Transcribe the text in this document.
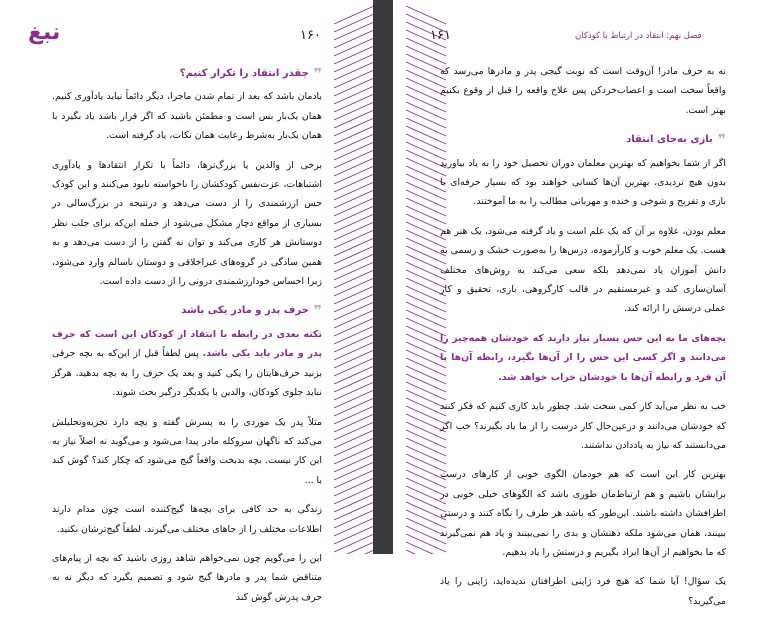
نبغ	۱۶۰
❞
چقدر انتقاد را تکرار کنیم؟

یادمان باشد که بعد از تمام شدن ماجرا، دیگر دائماً نباید یادآوری کنیم. همان یک‌بار بس است و مطمئن باشید که اگر قرار باشد یاد بگیرد با همان یک‌بار به‌شرط رعایت همان نکات، یاد گرفته است.

برخی از والدین یا بزرگ‌ترها، دائماً با تکرار انتقادها و یادآوری اشتباهات، عزت‌نفس کودکشان را ناخواسته نابود می‌کنند و این کودک حس ارزشمندی را از دست می‌دهد و درنتیجه در بزرگ‌سالی در بسیاری از مواقع دچار مشکل می‌شود از جمله این‌که برای جلب نظر دوستانش هر کاری می‌کند و توان نه گفتن را از دست می‌دهد و به همین سادگی در گروه‌های غیراخلاقی و دوستان ناسالم وارد می‌شود، زیرا احساس خودارزشمندی درونی را از دست داده است.

❞
حرف پدر و مادر یکی باشد

نکته بعدی در رابطه با انتقاد از کودکان این است که حرف پدر و مادر باید یکی باشد. پس لطفاً قبل از این‌که به بچه حرفی بزنید حرف‌هایتان را یکی کنید و بعد یک حرف را به بچه بدهید. هرگز نباید جلوی کودکان، والدین با یکدیگر درگیر بحث شوند.

مثلاً پدر یک موردی را به پسرش گفته و بچه دارد تجزیه‌وتحلیلش می‌کند که ناگهان سروکله مادر پیدا می‌شود و می‌گوید نه اصلاً نیاز به این کار نیست. بچه بدبخت واقعاً گیج می‌شود که چکار کند؟ گوش کند یا ...

زندگی به حد کافی برای بچه‌ها گیج‌کننده است چون مدام دارند اطلاعات مختلف را از جاهای مختلف می‌گیرند. لطفاً گیج‌ترشان نکنید.

این را می‌گویم چون نمی‌خواهم شاهد روزی باشید که بچه از پیام‌های متناقض شما پدر و مادرها گیج شود و تصمیم بگیرد که دیگر نه به حرف پدرش گوش کند

فصل نهم: انتقاد در ارتباط با کودکان
۱۶۱

نه به حرف مادر! آن‌وقت است که نوبت گیجی پدر و مادرها می‌رسد که واقعاً سخت است و اعصاب‌خردکن پس علاج واقعه را قبل از وقوع بکنیم بهتر است.

❞
بازی به‌جای انتقاد

اگر از شما بخواهیم که بهترین معلمان دوران تحصیل خود را به یاد بیاورید بدون هیچ تردیدی، بهترین آن‌ها کسانی خواهند بود که بسیار حرفه‌ای با بازی و تفریح و شوخی و خنده و مهربانی مطالب را به ما آموختند.

معلم بودن، علاوه بر آن که یک علم است و یاد گرفته می‌شود، یک هنر هم هست. یک معلم خوب و کارآزموده، درس‌ها را به‌صورت خشک و رسمی به دانش آموزان یاد نمی‌دهد بلکه سعی می‌کند به روش‌های مختلف آسان‌سازی کند و غیرمستقیم در قالب کارگروهی، بازی، تحقیق و کار عملی درسش را ارائه کند.

بچه‌های ما به این حس بسیار نیاز دارند که خودشان همه‌چیز را می‌دانند و اگر کسی این حس را از آن‌ها بگیرد، رابطه آن‌ها با آن فرد و رابطه آن‌ها با خودشان خراب خواهد شد.

خب به نظر می‌آید کار کمی سخت شد. چطور باید کاری کنیم که فکر کنند که خودشان می‌دانند و درعین‌حال کار درست را از ما یاد بگیرند؟ خب اگر می‌دانستند که نیاز به یاددادن نداشتند.

بهترین کار این است که هم خودمان الگوی خوبی از کارهای درست برایشان باشیم و هم ارتباط‌مان طوری باشد که الگوهای خیلی خوبی در اطرافشان داشته باشند. این‌طور که باشد هر طرف را نگاه کنند و درستی ببینند، همان می‌شود ملکه ذهنشان و بدی را نمی‌بینند و یاد هم نمی‌گیرند که ما بخواهیم از آن‌ها ایراد بگیریم و درستش را یاد بدهیم.

یک سؤال! آیا شما که هیچ فرد ژاپنی اطرافتان ندیده‌اید، ژاپنی را یاد می‌گیرید؟
